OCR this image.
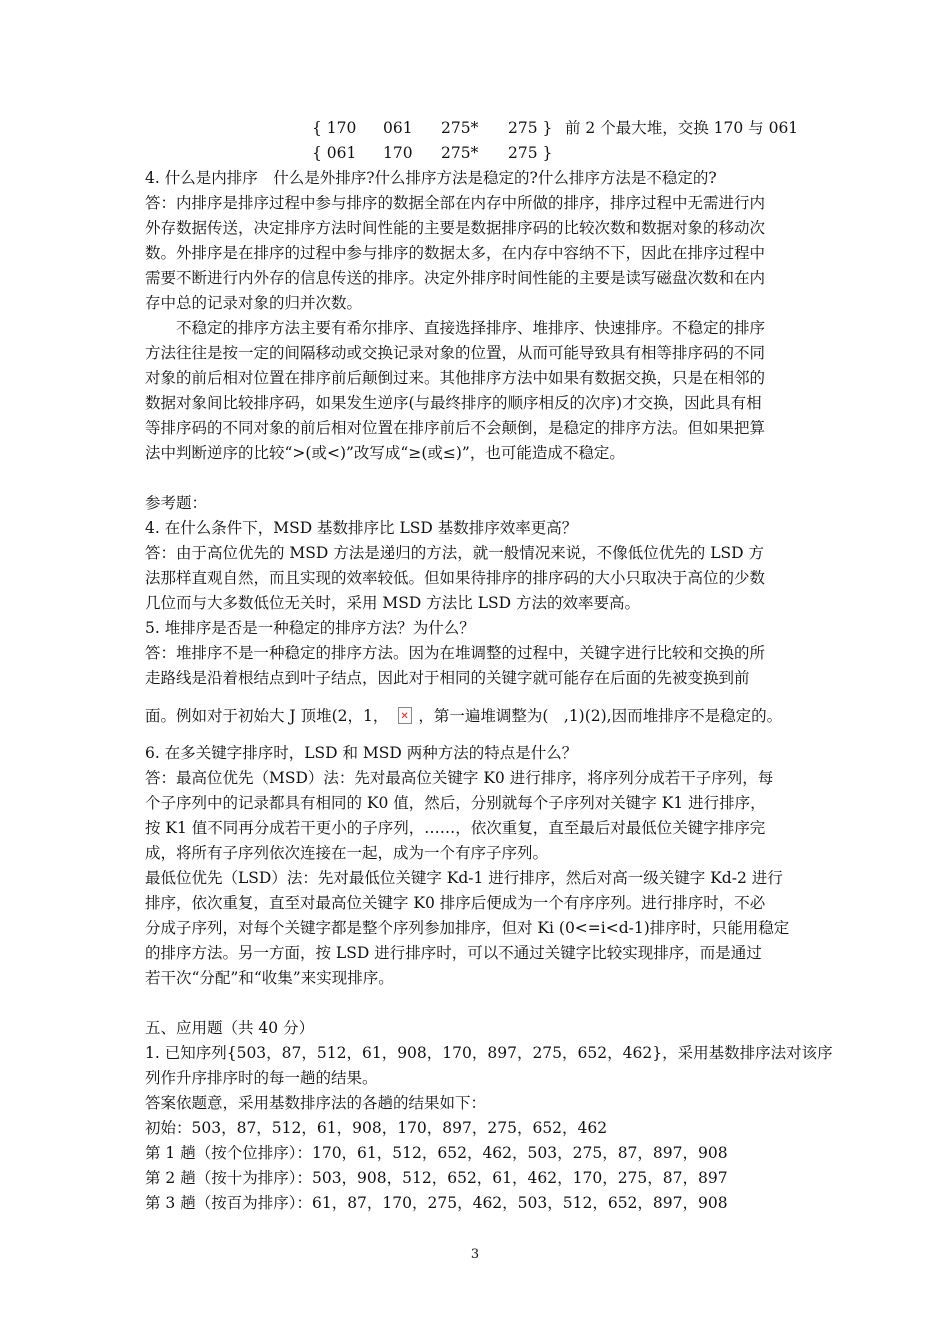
{ 170 061 275* 275 } 前 2 个最大堆，交换 170 与 061
{ 061 170 275* 275 }
4. 什么是内排序　什么是外排序?什么排序方法是稳定的?什么排序方法是不稳定的?
答：内排序是排序过程中参与排序的数据全部在内存中所做的排序，排序过程中无需进行内
外存数据传送，决定排序方法时间性能的主要是数据排序码的比较次数和数据对象的移动次
数。外排序是在排序的过程中参与排序的数据太多，在内存中容纳不下，因此在排序过程中
需要不断进行内外存的信息传送的排序。决定外排序时间性能的主要是读写磁盘次数和在内
存中总的记录对象的归并次数。
　　不稳定的排序方法主要有希尔排序、直接选择排序、堆排序、快速排序。不稳定的排序
方法往往是按一定的间隔移动或交换记录对象的位置，从而可能导致具有相等排序码的不同
对象的前后相对位置在排序前后颠倒过来。其他排序方法中如果有数据交换，只是在相邻的
数据对象间比较排序码，如果发生逆序(与最终排序的顺序相反的次序)才交换，因此具有相
等排序码的不同对象的前后相对位置在排序前后不会颠倒，是稳定的排序方法。但如果把算
法中判断逆序的比较“>(或<)”改写成“≥(或≤)”，也可能造成不稳定。
参考题：
4. 在什么条件下，MSD 基数排序比 LSD 基数排序效率更高？
答：由于高位优先的 MSD 方法是递归的方法，就一般情况来说，不像低位优先的 LSD 方
法那样直观自然，而且实现的效率较低。但如果待排序的排序码的大小只取决于高位的少数
几位而与大多数低位无关时，采用 MSD 方法比 LSD 方法的效率要高。
5. 堆排序是否是一种稳定的排序方法？为什么？
答：堆排序不是一种稳定的排序方法。因为在堆调整的过程中，关键字进行比较和交换的所
走路线是沿着根结点到叶子结点，因此对于相同的关键字就可能存在后面的先被变换到前
面。例如对于初始大 J 顶堆(2，1，✕ ，第一遍堆调整为(　,1)(2),因而堆排序不是稳定的。
6. 在多关键字排序时，LSD 和 MSD 两种方法的特点是什么？
答：最高位优先（MSD）法：先对最高位关键字 K0 进行排序，将序列分成若干子序列，每
个子序列中的记录都具有相同的 K0 值，然后，分别就每个子序列对关键字 K1 进行排序，
按 K1 值不同再分成若干更小的子序列，……，依次重复，直至最后对最低位关键字排序完
成，将所有子序列依次连接在一起，成为一个有序子序列。
最低位优先（LSD）法：先对最低位关键字 Kd-1 进行排序，然后对高一级关键字 Kd-2 进行
排序，依次重复，直至对最高位关键字 K0 排序后便成为一个有序序列。进行排序时，不必
分成子序列，对每个关键字都是整个序列参加排序，但对 Ki (0<=i<d-1)排序时，只能用稳定
的排序方法。另一方面，按 LSD 进行排序时，可以不通过关键字比较实现排序，而是通过
若干次“分配”和“收集”来实现排序。
五、应用题（共 40 分）
1. 已知序列{503，87，512，61，908，170，897，275，652，462}，采用基数排序法对该序
列作升序排序时的每一趟的结果。
答案依题意，采用基数排序法的各趟的结果如下：
初始：503，87，512，61，908，170，897，275，652，462
第 1 趟（按个位排序）：170，61，512，652，462，503，275，87，897，908
第 2 趟（按十为排序）：503，908，512，652，61，462，170，275，87，897
第 3 趟（按百为排序）：61，87，170，275，462，503，512，652，897，908
3
